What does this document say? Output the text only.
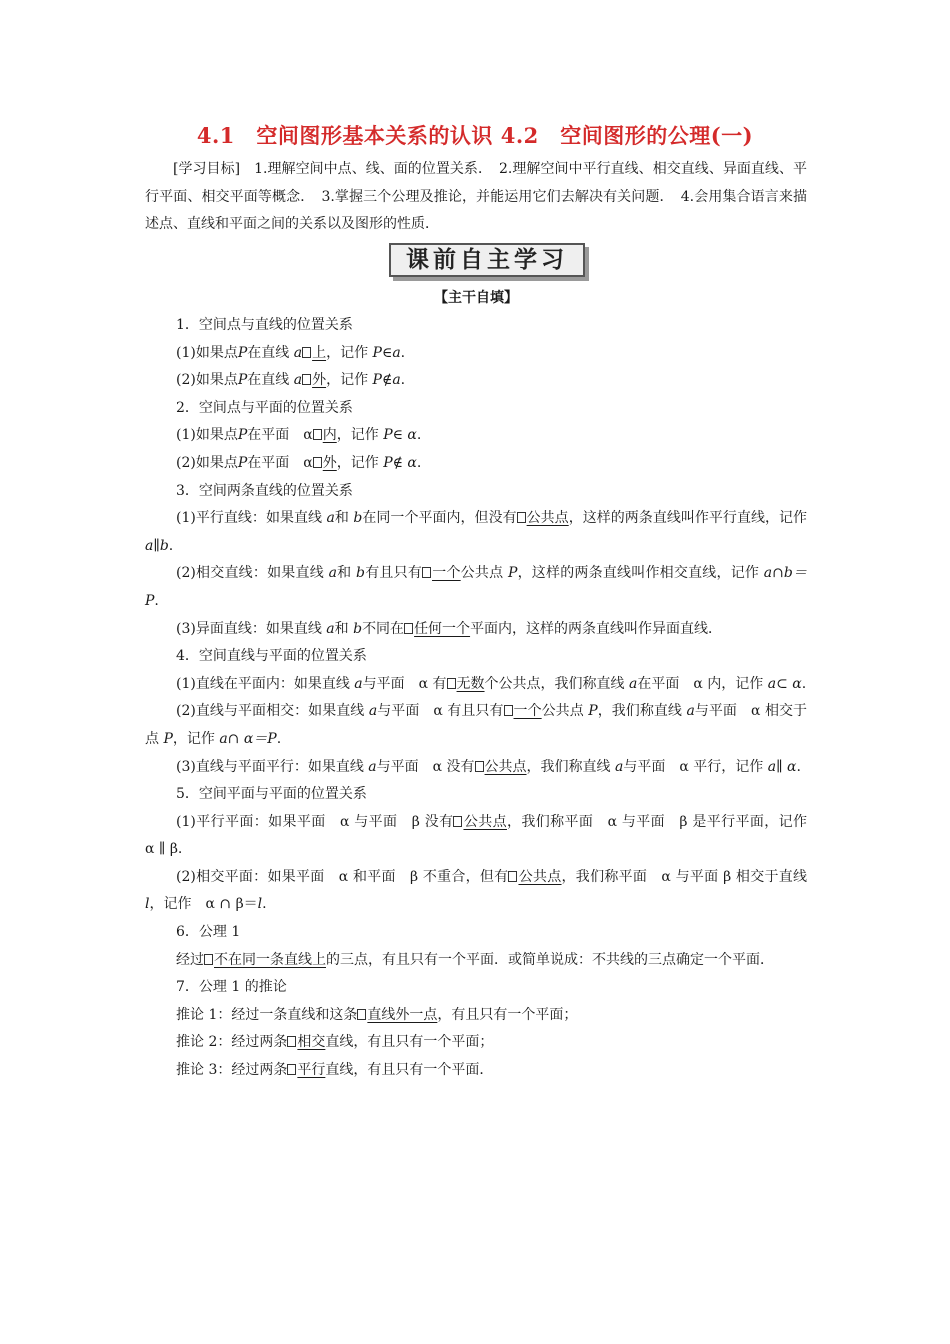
4.1　空间图形基本关系的认识 4.2　空间图形的公理(一)
[学习目标]　1.理解空间中点、线、面的位置关系．　2.理解空间中平行直线、相交直线、异面直线、平行平面、相交平面等概念．　3.掌握三个公理及推论，并能运用它们去解决有关问题．　4.会用集合语言来描述点、直线和平面之间的关系以及图形的性质．
课前自主学习
【主干自填】

1．空间点与直线的位置关系

(1)如果点P在直线 a 上，记作 P∈a.

(2)如果点P在直线 a 外，记作 P∉a.

2．空间点与平面的位置关系

(1)如果点P在平面　α 内，记作 P∈ α.

(2)如果点P在平面　α 外，记作 P∉ α.

3．空间两条直线的位置关系

(1)平行直线：如果直线 a和 b在同一个平面内，但没有 公共点，这样的两条直线叫作平行直线，记作 a∥b.

(2)相交直线：如果直线 a和 b有且只有 一个公共点 P，这样的两条直线叫作相交直线，记作 a∩b＝P.

(3)异面直线：如果直线 a和 b不同在 任何一个平面内，这样的两条直线叫作异面直线．

4．空间直线与平面的位置关系

(1)直线在平面内：如果直线 a与平面　α 有 无数个公共点，我们称直线 a在平面　α 内，记作 a⊂ α.

(2)直线与平面相交：如果直线 a与平面　α 有且只有 一个公共点 P，我们称直线 a与平面　α 相交于点 P，记作 a∩ α＝P.

(3)直线与平面平行：如果直线 a与平面　α 没有 公共点，我们称直线 a与平面　α 平行，记作 a∥ α.

5．空间平面与平面的位置关系

(1)平行平面：如果平面　α 与平面　β 没有 公共点，我们称平面　α 与平面　β 是平行平面，记作　α ∥ β.

(2)相交平面：如果平面　α 和平面　β 不重合，但有 公共点，我们称平面　α 与平面 β 相交于直线 l，记作　α ∩ β＝l.

6．公理 1

经过 不在同一条直线上的三点，有且只有一个平面．或简单说成：不共线的三点确定一个平面．

7．公理 1 的推论

推论 1：经过一条直线和这条 直线外一点，有且只有一个平面；

推论 2：经过两条 相交直线，有且只有一个平面；

推论 3：经过两条 平行直线，有且只有一个平面．
